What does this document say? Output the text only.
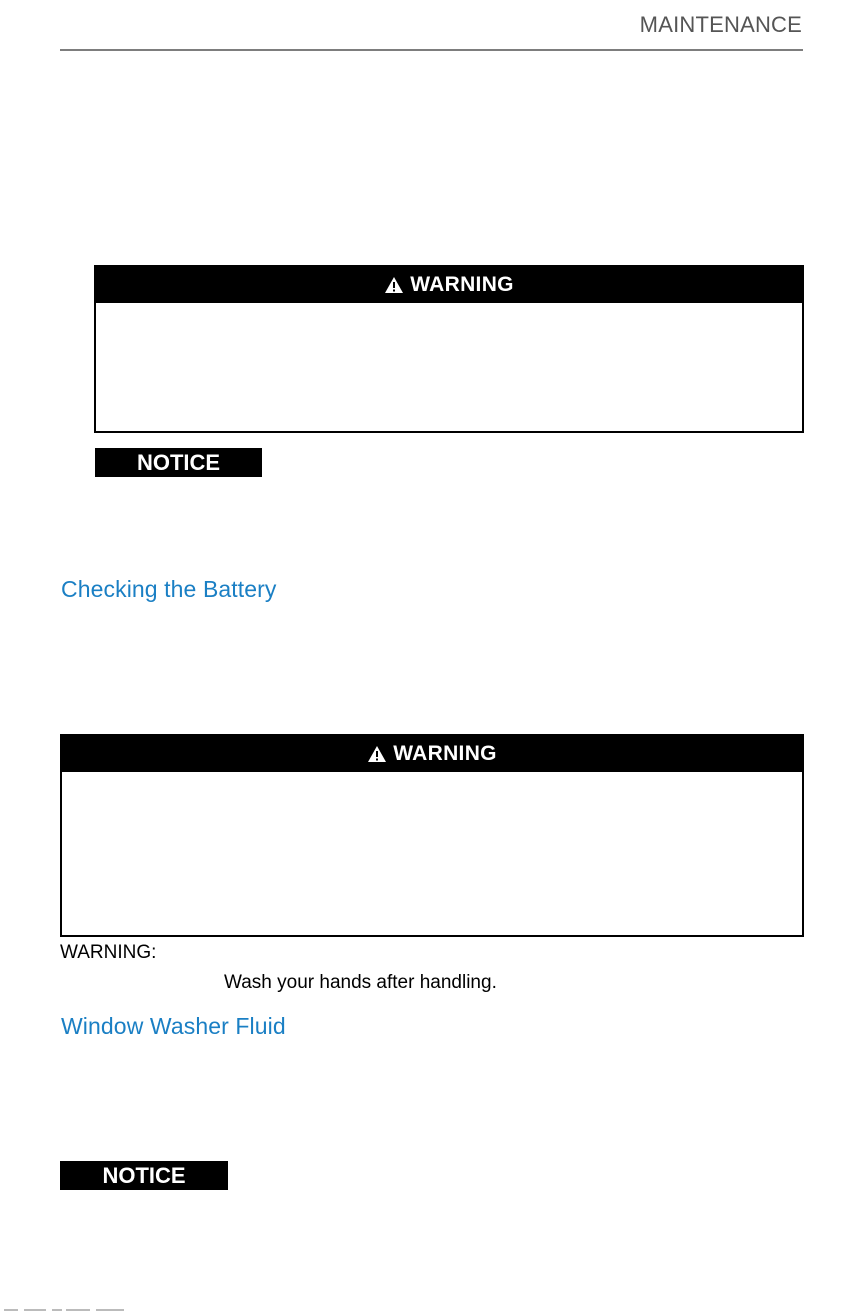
MAINTENANCE
WARNING
NOTICE
Checking the Battery
WARNING
WARNING:
Wash your hands after handling.
Window Washer Fluid
NOTICE
